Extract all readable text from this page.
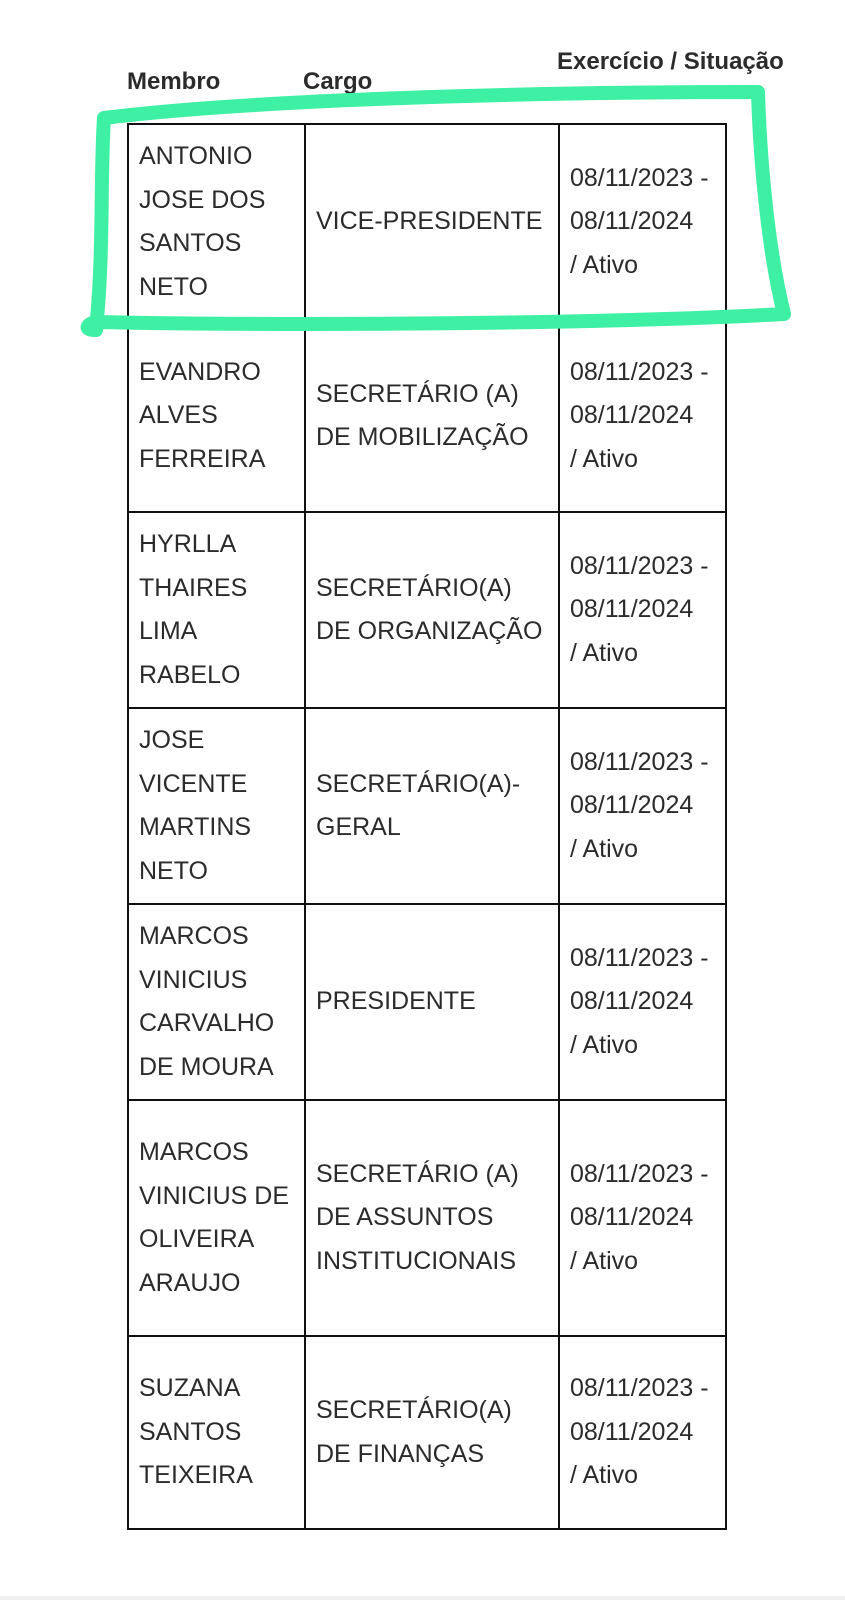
Membro	Cargo
Exercício / Situação
ANTONIO JOSE DOS SANTOS NETO	VICE-PRESIDENTE	08/11/2023 - 08/11/2024
/ Ativo

EVANDRO ALVES FERREIRA	SECRETÁRIO (A) DE MOBILIZAÇÃO	08/11/2023 - 08/11/2024
/ Ativo

HYRLLA THAIRES LIMA RABELO	SECRETÁRIO(A) DE ORGANIZAÇÃO	08/11/2023 - 08/11/2024
/ Ativo

JOSE VICENTE MARTINS NETO	SECRETÁRIO(A)-GERAL	08/11/2023 - 08/11/2024
/ Ativo

MARCOS VINICIUS CARVALHO DE MOURA	PRESIDENTE	08/11/2023 - 08/11/2024
/ Ativo

MARCOS VINICIUS DE OLIVEIRA ARAUJO	SECRETÁRIO (A) DE ASSUNTOS INSTITUCIONAIS	08/11/2023 - 08/11/2024
/ Ativo

SUZANA SANTOS TEIXEIRA	SECRETÁRIO(A) DE FINANÇAS	08/11/2023 - 08/11/2024
/ Ativo
